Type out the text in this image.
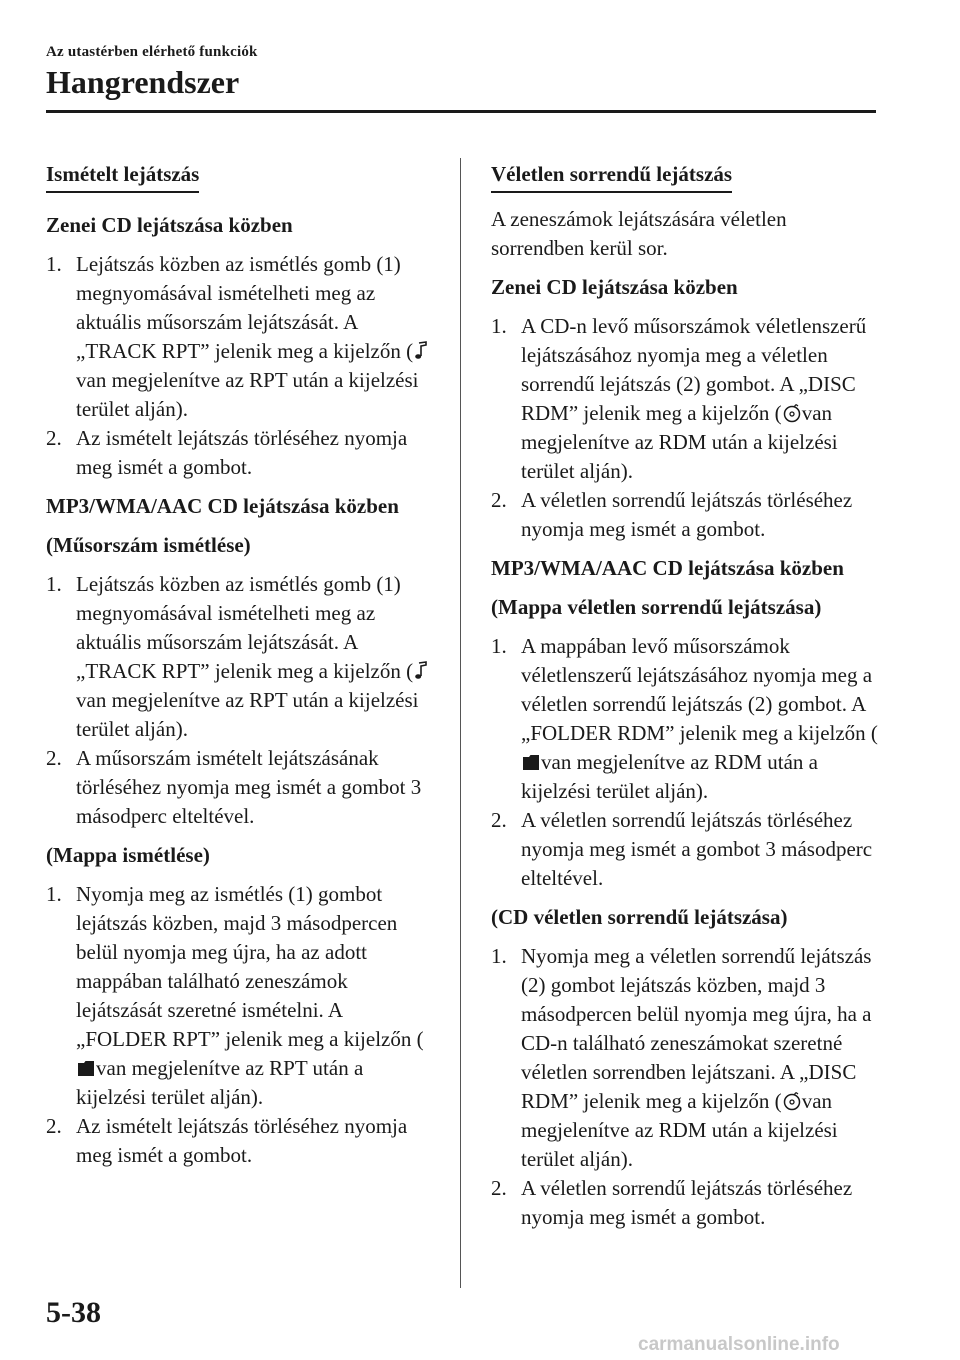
Az utastérben elérhető funkciók
Hangrendszer
Ismételt lejátszás
Zenei CD lejátszása közben
1. Lejátszás közben az ismétlés gomb (1) megnyomásával ismételheti meg az aktuális műsorszám lejátszását. A „TRACK RPT” jelenik meg a kijelzőn (
van megjelenítve az RPT után a kijelzési terület alján).
2. Az ismételt lejátszás törléséhez nyomja meg ismét a gombot.
MP3/WMA/AAC CD lejátszása közben
(Műsorszám ismétlése)
1. Lejátszás közben az ismétlés gomb (1) megnyomásával ismételheti meg az aktuális műsorszám lejátszását. A „TRACK RPT” jelenik meg a kijelzőn (
van megjelenítve az RPT után a kijelzési terület alján).
2. A műsorszám ismételt lejátszásának törléséhez nyomja meg ismét a gombot 3 másodperc elteltével.
(Mappa ismétlése)
1. Nyomja meg az ismétlés (1) gombot lejátszás közben, majd 3 másodpercen belül nyomja meg újra, ha az adott mappában található zeneszámok lejátszását szeretné ismételni. A „FOLDER RPT” jelenik meg a kijelzőn (
van megjelenítve az RPT után a kijelzési terület alján).
2. Az ismételt lejátszás törléséhez nyomja meg ismét a gombot.
Véletlen sorrendű lejátszás
A zeneszámok lejátszására véletlen sorrendben kerül sor.
Zenei CD lejátszása közben
1. A CD-n levő műsorszámok véletlenszerű lejátszásához nyomja meg a véletlen sorrendű lejátszás (2) gombot. A „DISC RDM” jelenik meg a kijelzőn ( van megjelenítve az RDM után a kijelzési terület alján).
2. A véletlen sorrendű lejátszás törléséhez nyomja meg ismét a gombot.
MP3/WMA/AAC CD lejátszása közben
(Mappa véletlen sorrendű lejátszása)
1. A mappában levő műsorszámok véletlenszerű lejátszásához nyomja meg a véletlen sorrendű lejátszás (2) gombot. A „FOLDER RDM” jelenik meg a kijelzőn (
van megjelenítve az RDM után a kijelzési terület alján).
2. A véletlen sorrendű lejátszás törléséhez nyomja meg ismét a gombot 3 másodperc elteltével.
(CD véletlen sorrendű lejátszása)
1. Nyomja meg a véletlen sorrendű lejátszás (2) gombot lejátszás közben, majd 3 másodpercen belül nyomja meg újra, ha a CD-n található zeneszámokat szeretné véletlen sorrendben lejátszani. A „DISC RDM” jelenik meg a kijelzőn ( van megjelenítve az RDM után a kijelzési terület alján).
2. A véletlen sorrendű lejátszás törléséhez nyomja meg ismét a gombot.
5-38
carmanualsonline.info
